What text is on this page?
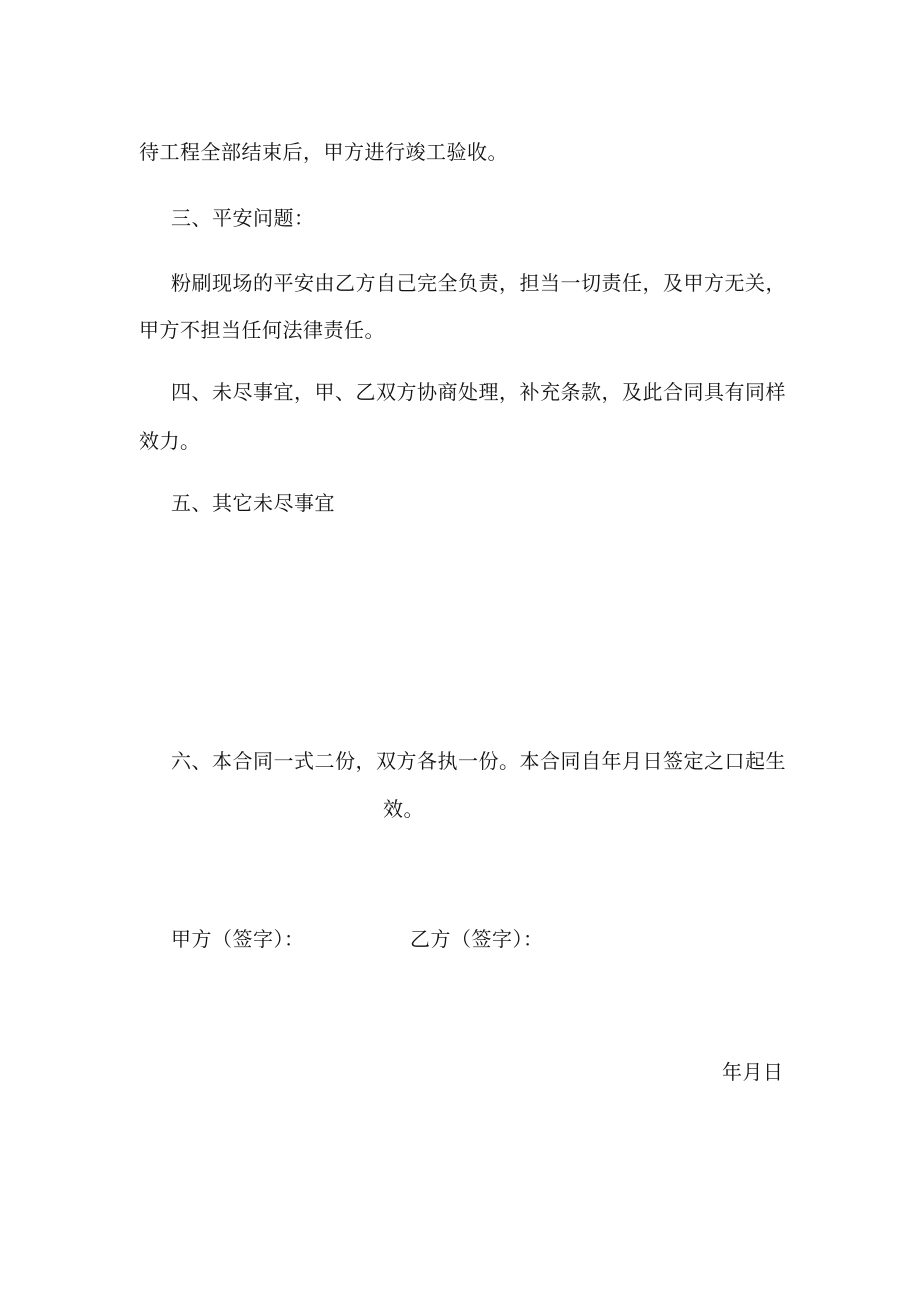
待工程全部结束后，甲方进行竣工验收。
三、平安问题：
粉刷现场的平安由乙方自己完全负责，担当一切责任，及甲方无关，
甲方不担当任何法律责任。
四、未尽事宜，甲、乙双方协商处理，补充条款，及此合同具有同样
效力。
五、其它未尽事宜
六、本合同一式二份，双方各执一份。本合同自年月日签定之口起生
效。
甲方（签字）：	乙方（签字）：
年月日
